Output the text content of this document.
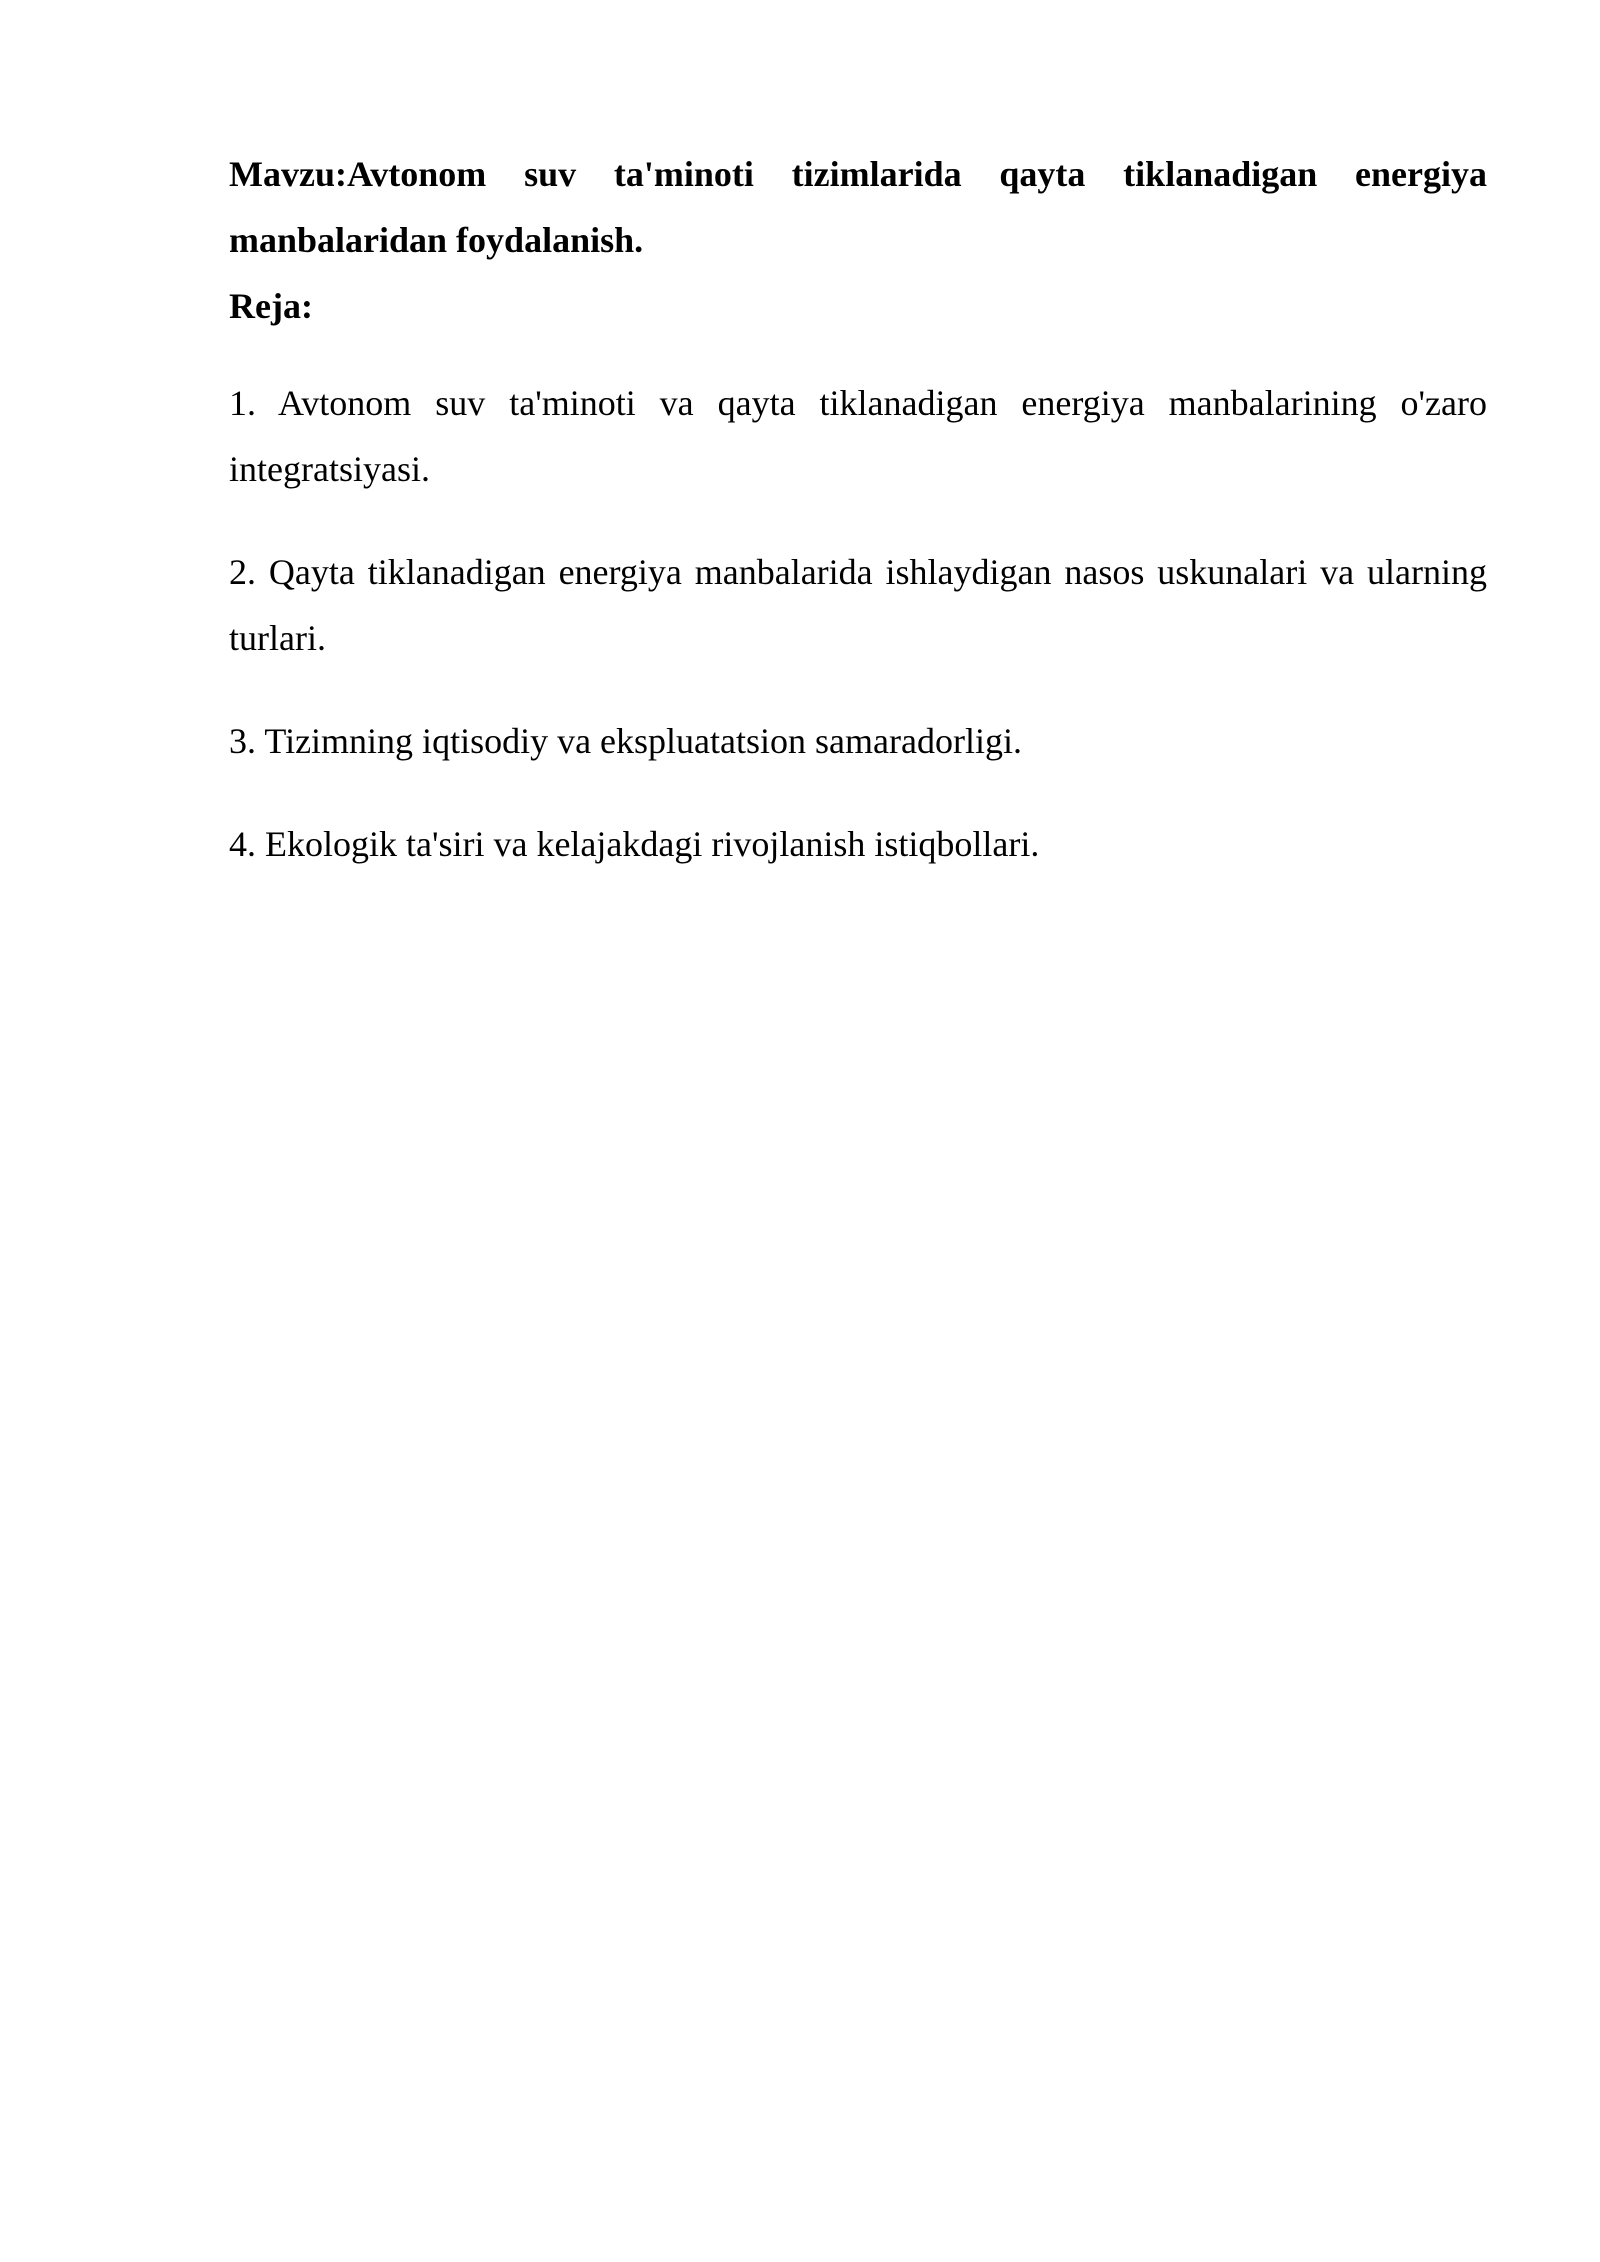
Mavzu:Avtonom suv ta'minoti tizimlarida qayta tiklanadigan energiya manbalaridan foydalanish.

Reja:

1. Avtonom suv ta'minoti va qayta tiklanadigan energiya manbalarining o'zaro integratsiyasi.

2. Qayta tiklanadigan energiya manbalarida ishlaydigan nasos uskunalari va ularning turlari.

3. Tizimning iqtisodiy va ekspluatatsion samaradorligi.

4. Ekologik ta'siri va kelajakdagi rivojlanish istiqbollari.
